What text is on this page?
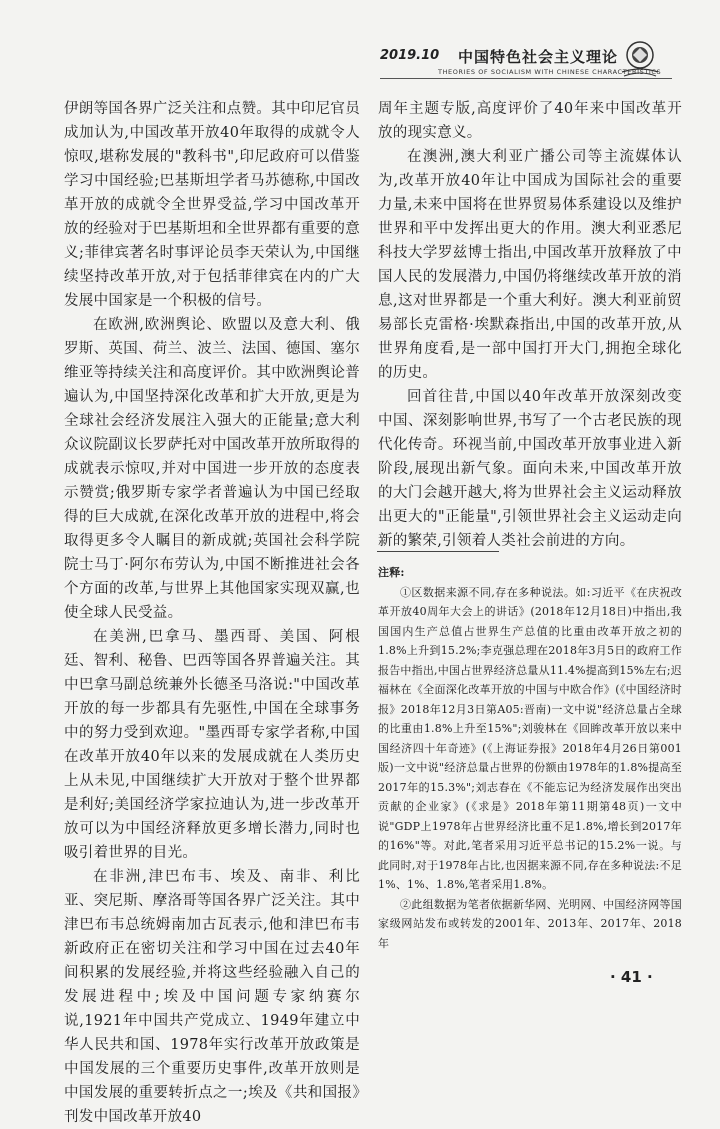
2019.10 中国特色社会主义理论
THEORIES OF SOCIALISM WITH CHINESE CHARACTERISTICS

伊朗等国各界广泛关注和点赞。其中印尼官员成加认为,中国改革开放40年取得的成就令人惊叹,堪称发展的"教科书",印尼政府可以借鉴学习中国经验;巴基斯坦学者马苏德称,中国改革开放的成就令全世界受益,学习中国改革开放的经验对于巴基斯坦和全世界都有重要的意义;菲律宾著名时事评论员李天荣认为,中国继续坚持改革开放,对于包括菲律宾在内的广大发展中国家是一个积极的信号。

在欧洲,欧洲舆论、欧盟以及意大利、俄罗斯、英国、荷兰、波兰、法国、德国、塞尔维亚等持续关注和高度评价。其中欧洲舆论普遍认为,中国坚持深化改革和扩大开放,更是为全球社会经济发展注入强大的正能量;意大利众议院副议长罗萨托对中国改革开放所取得的成就表示惊叹,并对中国进一步开放的态度表示赞赏;俄罗斯专家学者普遍认为中国已经取得的巨大成就,在深化改革开放的进程中,将会取得更多令人瞩目的新成就;英国社会科学院院士马丁·阿尔布劳认为,中国不断推进社会各个方面的改革,与世界上其他国家实现双赢,也使全球人民受益。

在美洲,巴拿马、墨西哥、美国、阿根廷、智利、秘鲁、巴西等国各界普遍关注。其中巴拿马副总统兼外长德圣马洛说:"中国改革开放的每一步都具有先驱性,中国在全球事务中的努力受到欢迎。"墨西哥专家学者称,中国在改革开放40年以来的发展成就在人类历史上从未见,中国继续扩大开放对于整个世界都是利好;美国经济学家拉迪认为,进一步改革开放可以为中国经济释放更多增长潜力,同时也吸引着世界的目光。

在非洲,津巴布韦、埃及、南非、利比亚、突尼斯、摩洛哥等国各界广泛关注。其中津巴布韦总统姆南加古瓦表示,他和津巴布韦新政府正在密切关注和学习中国在过去40年间积累的发展经验,并将这些经验融入自己的发展进程中;埃及中国问题专家纳赛尔说,1921年中国共产党成立、1949年建立中华人民共和国、1978年实行改革开放政策是中国发展的三个重要历史事件,改革开放则是中国发展的重要转折点之一;埃及《共和国报》刊发中国改革开放40

周年主题专版,高度评价了40年来中国改革开放的现实意义。

在澳洲,澳大利亚广播公司等主流媒体认为,改革开放40年让中国成为国际社会的重要力量,未来中国将在世界贸易体系建设以及维护世界和平中发挥出更大的作用。澳大利亚悉尼科技大学罗兹博士指出,中国改革开放释放了中国人民的发展潜力,中国仍将继续改革开放的消息,这对世界都是一个重大利好。澳大利亚前贸易部长克雷格·埃默森指出,中国的改革开放,从世界角度看,是一部中国打开大门,拥抱全球化的历史。

回首往昔,中国以40年改革开放深刻改变中国、深刻影响世界,书写了一个古老民族的现代化传奇。环视当前,中国改革开放事业进入新阶段,展现出新气象。面向未来,中国改革开放的大门会越开越大,将为世界社会主义运动释放出更大的"正能量",引领世界社会主义运动走向新的繁荣,引领着人类社会前进的方向。

注释:

①区数据来源不同,存在多种说法。如:习近平《在庆祝改革开放40周年大会上的讲话》(2018年12月18日)中指出,我国国内生产总值占世界生产总值的比重由改革开放之初的1.8%上升到15.2%;李克强总理在2018年3月5日的政府工作报告中指出,中国占世界经济总量从11.4%提高到15%左右;迟福林在《全面深化改革开放的中国与中欧合作》(《中国经济时报》2018年12月3日第A05:晋南)一文中说"经济总量占全球的比重由1.8%上升至15%";刘骏林在《回眸改革开放以来中国经济四十年奇迹》(《上海证券报》2018年4月26日第001版)一文中说"经济总量占世界的份额由1978年的1.8%提高至2017年的15.3%";刘志春在《不能忘记为经济发展作出突出贡献的企业家》(《求是》2018年第11期第48页)一文中说"GDP上1978年占世界经济比重不足1.8%,增长到2017年的16%"等。对此,笔者采用习近平总书记的15.2%一说。与此同时,对于1978年占比,也因据来源不同,存在多种说法:不足1%、1%、1.8%,笔者采用1.8%。

②此组数据为笔者依据新华网、光明网、中国经济网等国家级网站发布或转发的2001年、2013年、2017年、2018年

· 41 ·
